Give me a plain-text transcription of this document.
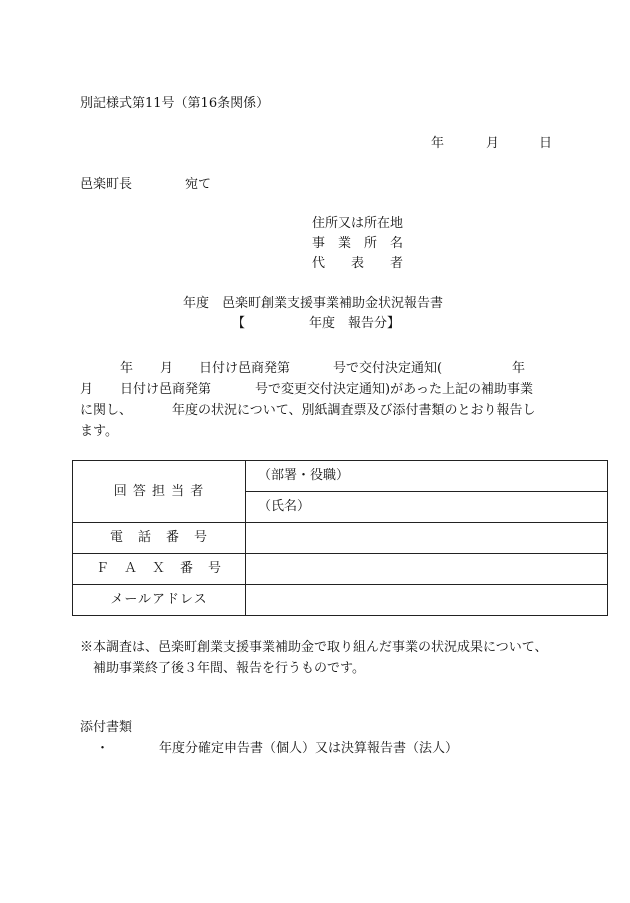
別記様式第11号（第16条関係）
年	月	日
邑楽町長	宛て
住所又は所在地
事　業　所　名
代　　表　　者
年度　邑楽町創業支援事業補助金状況報告書
【	年度　報告分】
年 月 日付け邑商発第	号で交付決定通知(	年
月 日付け邑商発第	号で変更交付決定通知)があった上記の補助事業
に関し、	年度の状況について、別紙調査票及び添付書類のとおり報告し
ます。
回 答 担 当 者	（部署・役職）
	（氏名）
電　話　番　号	
Ｆ　Ａ　Ｘ　番　号	
メールアドレス	
※本調査は、邑楽町創業支援事業補助金で取り組んだ事業の状況成果について、
補助事業終了後３年間、報告を行うものです。
添付書類
・	年度分確定申告書（個人）又は決算報告書（法人）
